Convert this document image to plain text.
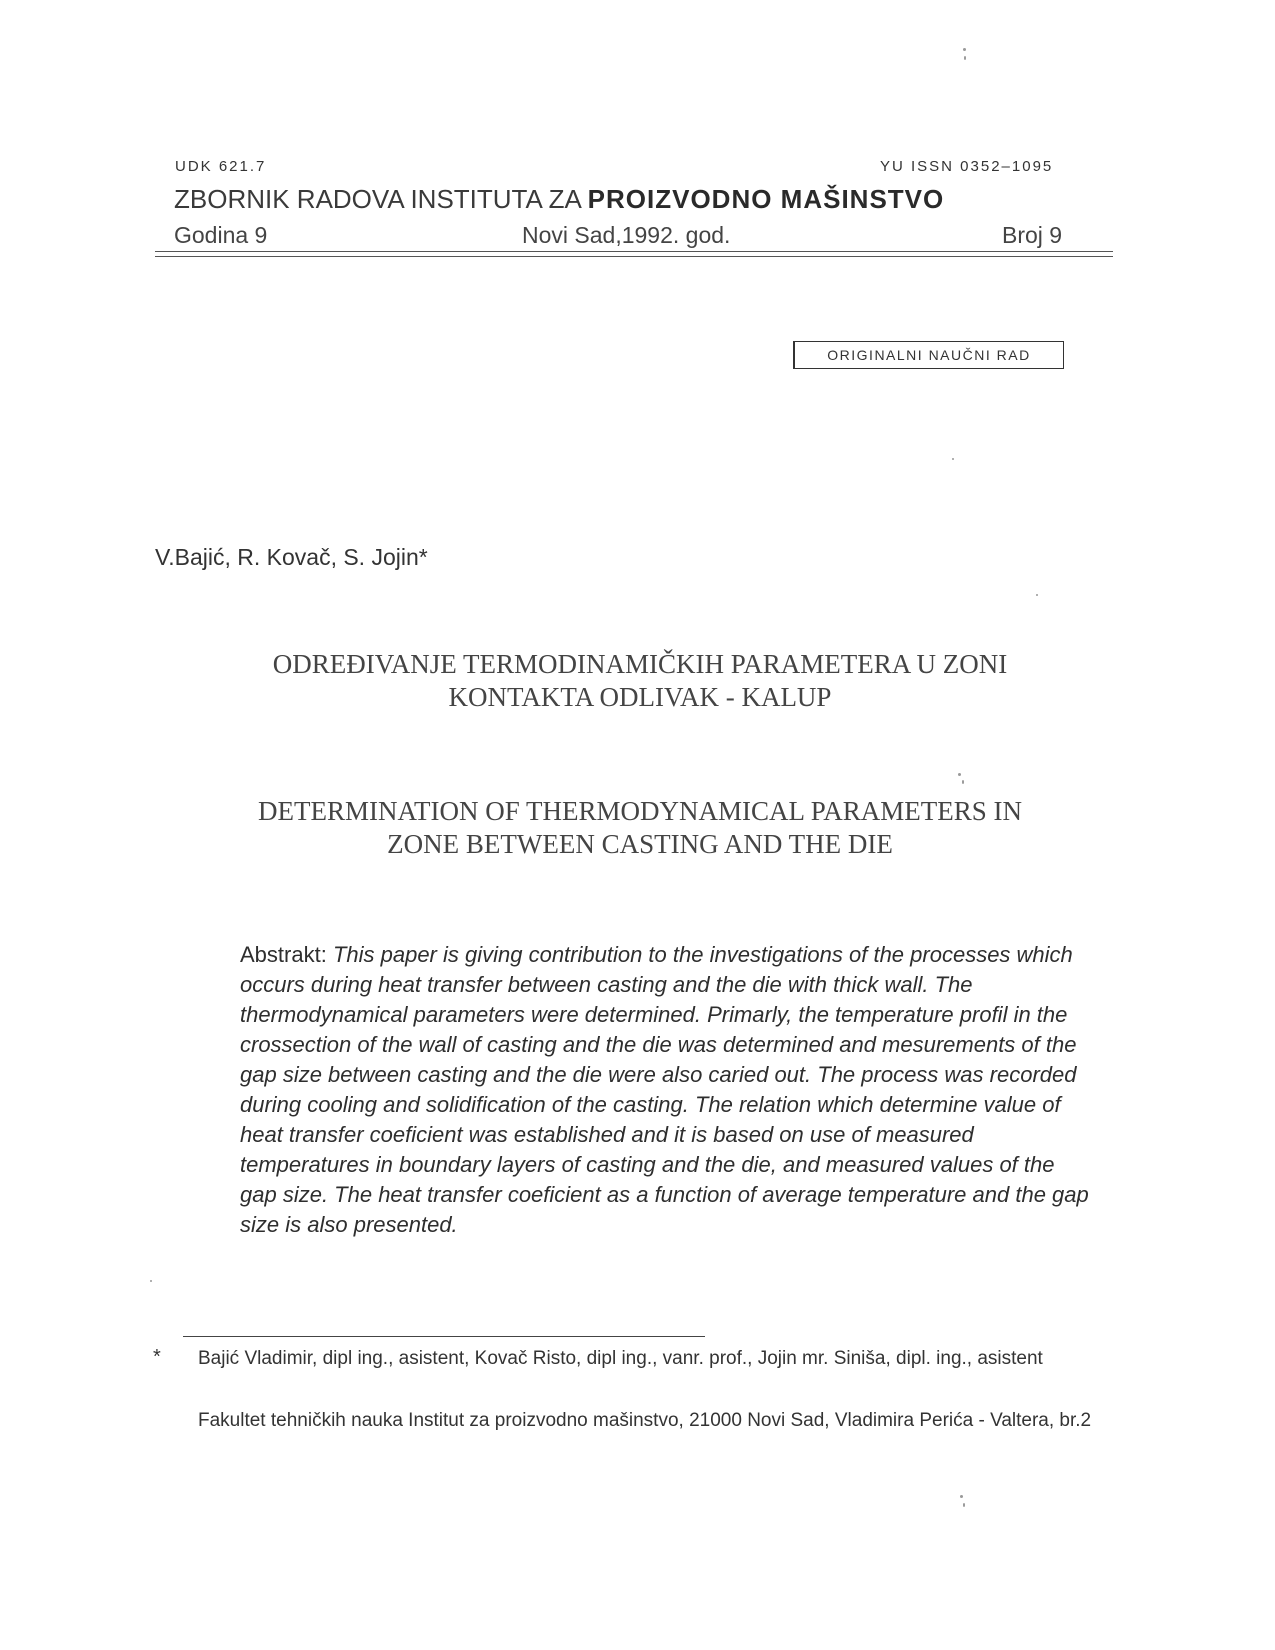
UDK 621.7	YU ISSN 0352–1095
ZBORNIK RADOVA INSTITUTA ZA PROIZVODNO MAŠINSTVO
Godina 9	Novi Sad,1992. god.	Broj 9
ORIGINALNI NAUČNI RAD
V.Bajić, R. Kovač, S. Jojin*
ODREĐIVANJE TERMODINAMIČKIH PARAMETERA U ZONI
KONTAKTA ODLIVAK - KALUP
DETERMINATION OF THERMODYNAMICAL PARAMETERS IN
ZONE BETWEEN CASTING AND THE DIE
Abstrakt: This paper is giving contribution to the investigations of the processes which occurs during heat transfer between casting and the die with thick wall. The thermodynamical parameters were determined. Primarly, the temperature profil in the crossection of the wall of casting and the die was determined and mesurements of the gap size between casting and the die were also caried out. The process was recorded during cooling and solidification of the casting. The relation which determine value of heat transfer coeficient was established and it is based on use of measured temperatures in boundary layers of casting and the die, and measured values of the gap size. The heat transfer coeficient as a function of average temperature and the gap size is also presented.
* Bajić Vladimir, dipl ing., asistent, Kovač Risto, dipl ing., vanr. prof., Jojin mr. Siniša, dipl. ing., asistent
Fakultet tehničkih nauka Institut za proizvodno mašinstvo, 21000 Novi Sad, Vladimira Perića - Valtera, br.2
